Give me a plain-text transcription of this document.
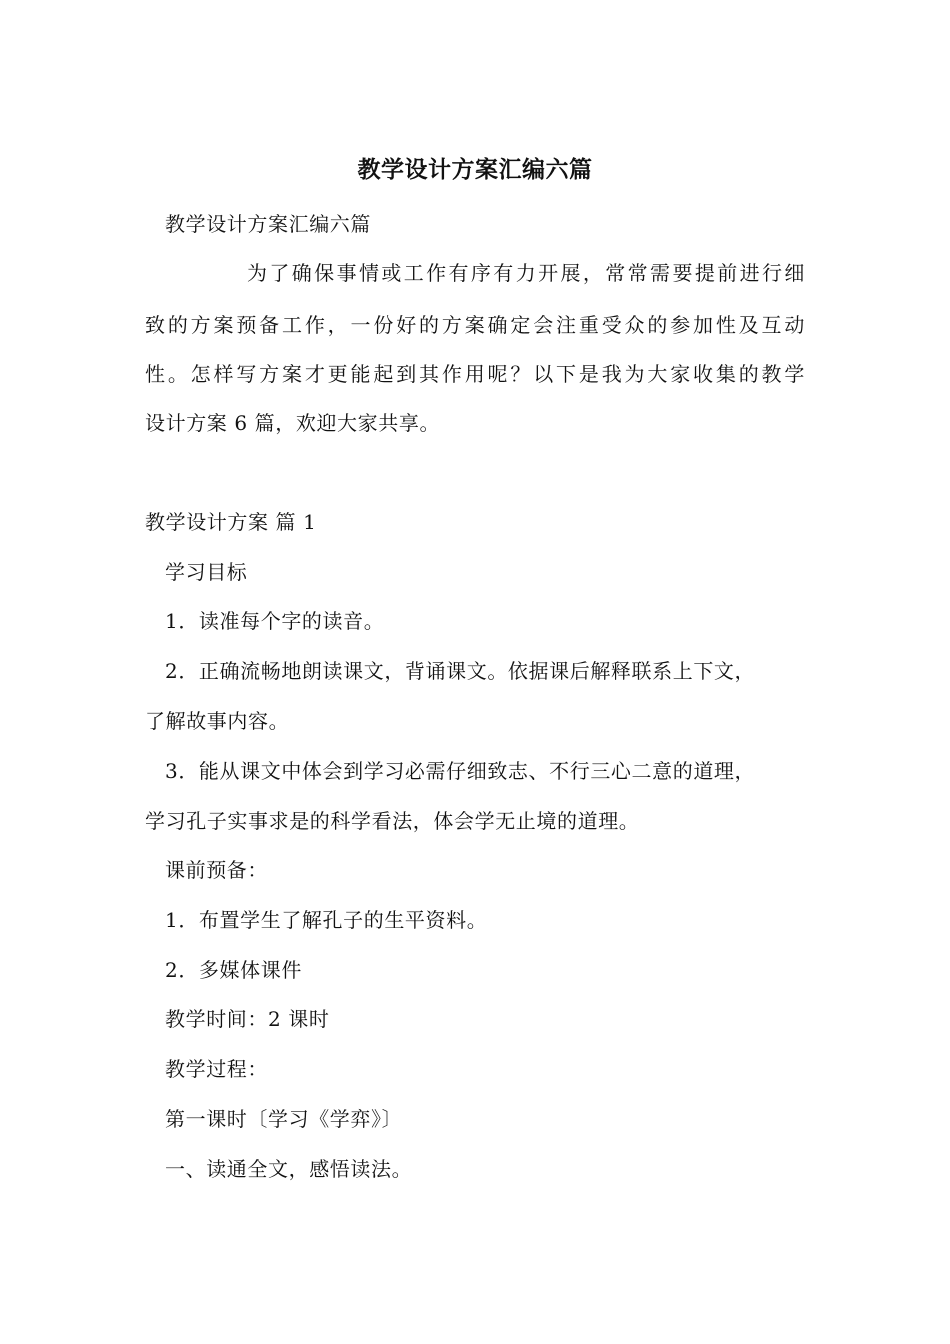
教学设计方案汇编六篇
教学设计方案汇编六篇
为了确保事情或工作有序有力开展，常常需要提前进行细
致的方案预备工作，一份好的方案确定会注重受众的参加性及互动
性。怎样写方案才更能起到其作用呢？以下是我为大家收集的教学
设计方案 6 篇，欢迎大家共享。
教学设计方案 篇 1
学习目标
1．读准每个字的读音。
2．正确流畅地朗读课文，背诵课文。依据课后解释联系上下文，
了解故事内容。
3．能从课文中体会到学习必需仔细致志、不行三心二意的道理，
学习孔子实事求是的科学看法，体会学无止境的道理。
课前预备：
1．布置学生了解孔子的生平资料。
2．多媒体课件
教学时间：2 课时
教学过程：
第一课时〔学习《学弈》〕
一、读通全文，感悟读法。
